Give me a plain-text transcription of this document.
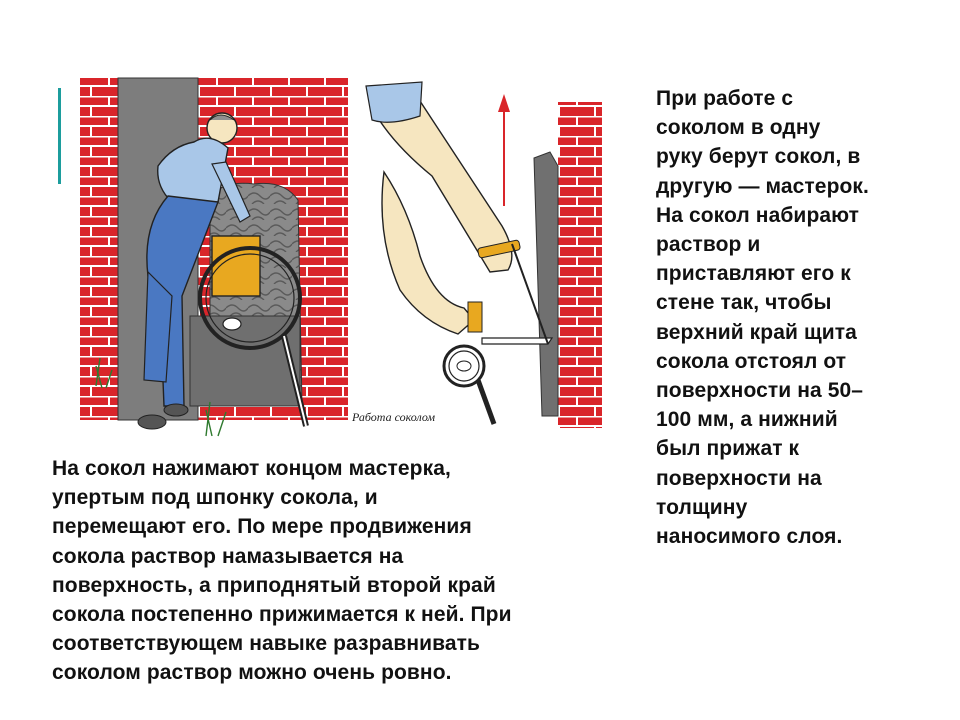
Работа соколом
При работе с
соколом в одну
руку берут сокол, в
другую — мастерок.
На сокол набирают
раствор и
приставляют его к
стене так, чтобы
верхний край щита
сокола отстоял от
поверхности на 50–
100 мм, а нижний
был прижат к
поверхности на
толщину
наносимого слоя.
На сокол нажимают концом мастерка,
упертым под шпонку сокола, и
перемещают его. По мере продвижения
сокола раствор намазывается на
поверхность, а приподнятый второй край
сокола постепенно прижимается к ней. При
соответствующем навыке разравнивать
соколом раствор можно очень ровно.
